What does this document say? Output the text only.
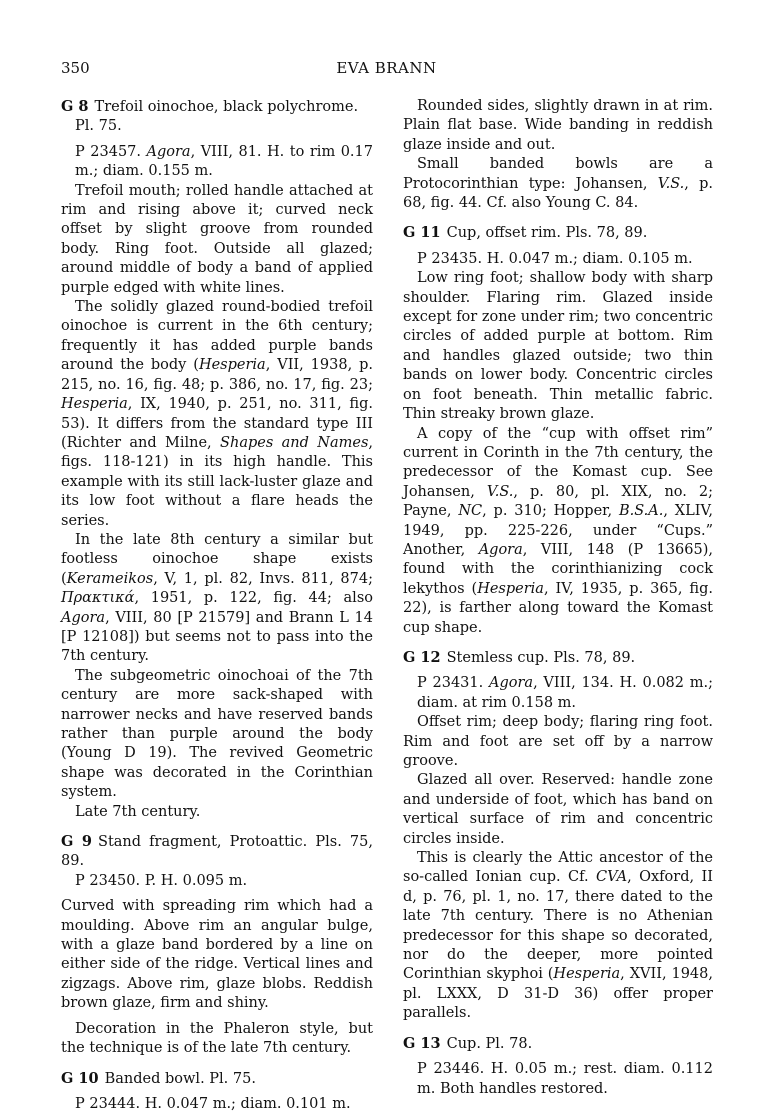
350	EVA BRANN

G 8 Trefoil oinochoe, black polychrome.

Pl. 75.

P 23457. Agora, VIII, 81. H. to rim 0.17 m.; diam. 0.155 m.

Trefoil mouth; rolled handle attached at rim and rising above it; curved neck offset by slight groove from rounded body. Ring foot. Outside all glazed; around middle of body a band of applied purple edged with white lines.

The solidly glazed round-bodied trefoil oinochoe is current in the 6th century; frequently it has added purple bands around the body (Hesperia, VII, 1938, p. 215, no. 16, fig. 48; p. 386, no. 17, fig. 23; Hesperia, IX, 1940, p. 251, no. 311, fig. 53). It differs from the standard type III (Richter and Milne, Shapes and Names, figs. 118-121) in its high handle. This example with its still lack-luster glaze and its low foot without a flare heads the series.

In the late 8th century a similar but footless oinochoe shape exists (Kerameikos, V, 1, pl. 82, Invs. 811, 874; Πρακτικά, 1951, p. 122, fig. 44; also Agora, VIII, 80 [P 21579] and Brann L 14 [P 12108]) but seems not to pass into the 7th century.

The subgeometric oinochoai of the 7th century are more sack-shaped with narrower necks and have reserved bands rather than purple around the body (Young D 19). The revived Geometric shape was decorated in the Corinthian system.

Late 7th century.

G 9 Stand fragment, Protoattic. Pls. 75, 89.

P 23450. P. H. 0.095 m.

Curved with spreading rim which had a moulding. Above rim an angular bulge, with a glaze band bordered by a line on either side of the ridge. Vertical lines and zigzags. Above rim, glaze blobs. Reddish brown glaze, firm and shiny.

Decoration in the Phaleron style, but the technique is of the late 7th century.

G 10 Banded bowl. Pl. 75.

P 23444. H. 0.047 m.; diam. 0.101 m.

Rounded sides, slightly drawn in at rim. Plain flat base. Wide banding in reddish glaze inside and out.

Small banded bowls are a Protocorinthian type: Johansen, V.S., p. 68, fig. 44. Cf. also Young C. 84.

G 11 Cup, offset rim. Pls. 78, 89.

P 23435. H. 0.047 m.; diam. 0.105 m.

Low ring foot; shallow body with sharp shoulder. Flaring rim. Glazed inside except for zone under rim; two concentric circles of added purple at bottom. Rim and handles glazed outside; two thin bands on lower body. Concentric circles on foot beneath. Thin metallic fabric. Thin streaky brown glaze.

A copy of the “cup with offset rim” current in Corinth in the 7th century, the predecessor of the Komast cup. See Johansen, V.S., p. 80, pl. XIX, no. 2; Payne, NC, p. 310; Hopper, B.S.A., XLIV, 1949, pp. 225-226, under “Cups.” Another, Agora, VIII, 148 (P 13665), found with the corinthianizing cock lekythos (Hesperia, IV, 1935, p. 365, fig. 22), is farther along toward the Komast cup shape.

G 12 Stemless cup. Pls. 78, 89.

P 23431. Agora, VIII, 134. H. 0.082 m.; diam. at rim 0.158 m.

Offset rim; deep body; flaring ring foot. Rim and foot are set off by a narrow groove.

Glazed all over. Reserved: handle zone and underside of foot, which has band on vertical surface of rim and concentric circles inside.

This is clearly the Attic ancestor of the so-called Ionian cup. Cf. CVA, Oxford, II d, p. 76, pl. 1, no. 17, there dated to the late 7th century. There is no Athenian predecessor for this shape so decorated, nor do the deeper, more pointed Corinthian skyphoi (Hesperia, XVII, 1948, pl. LXXX, D 31-D 36) offer proper parallels.

G 13 Cup. Pl. 78.

P 23446. H. 0.05 m.; rest. diam. 0.112 m. Both handles restored.
